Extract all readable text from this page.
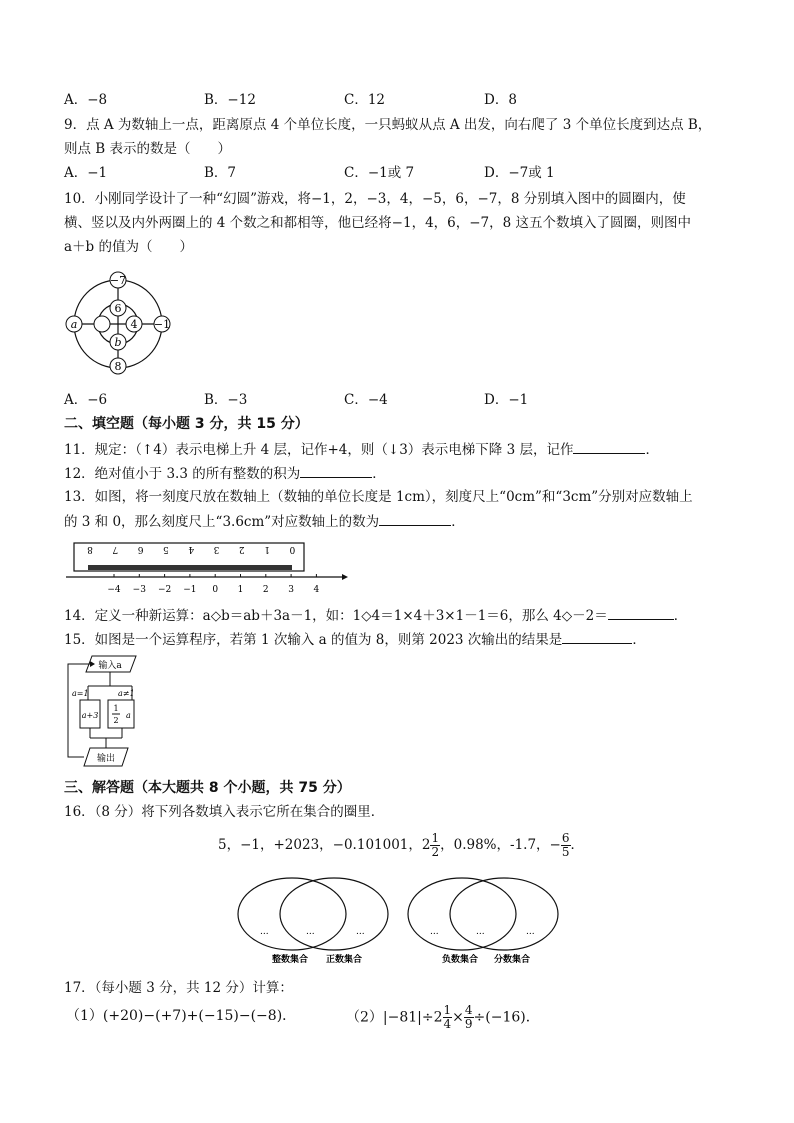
A．−8	B．−12	C．12	D．8
9．点 A 为数轴上一点，距离原点 4 个单位长度，一只蚂蚁从点 A 出发，向右爬了 3 个单位长度到达点 B，
则点 B 表示的数是（　　）
A．−1	B．7	C．−1或 7	D．−7或 1
10．小刚同学设计了一种“幻圆”游戏，将−1，2，−3，4，−5，6，−7，8 分别填入图中的圆圈内，使
横、竖以及内外两圈上的 4 个数之和都相等，他已经将−1，4，6，−7，8 这五个数填入了圆圈，则图中
a＋b 的值为（　　）
−7
6
a	4 −1
b
8
A．−6	B．−3	C．−4	D．−1
二、填空题（每小题 3 分，共 15 分）
11．规定：（↑4）表示电梯上升 4 层，记作+4，则（↓3）表示电梯下降 3 层，记作	．
12．绝对值小于 3.3 的所有整数的积为	．
13．如图，将一刻度尺放在数轴上（数轴的单位长度是 1cm），刻度尺上“0cm”和“3cm”分别对应数轴上
的 3 和 0，那么刻度尺上“3.6cm”对应数轴上的数为	．
8 7 6 5 4 3 2 1 0
−4 −3 −2 −1 0 1 2 3 4
14．定义一种新运算：a◇b＝ab＋3a－1，如：1◇4＝1×4＋3×1－1＝6，那么 4◇－2＝	．
15．如图是一个运算程序，若第 1 次输入 a 的值为 8，则第 2023 次输出的结果是	．
输入a
a=1	a≠1
a+3
1
2
a
输出
三、解答题（本大题共 8 个小题，共 75 分）
16．（8 分）将下列各数填入表示它所在集合的圈里．
5，−1，+2023，−0.101001，$2 \frac{1}{2}$ ，0.98%，-1.7，− $\frac{6}{5}$ ．
...	...	...	...	...	...
整数集合 正数集合	负数集合 分数集合
17．（每小题 3 分，共 12 分）计算：
（1）(+20)−(+7)+(−15)−(−8)．	$(2)|-81|\div 2 \frac{1}{4} \times \frac{4}{9} \div(-16)$．
